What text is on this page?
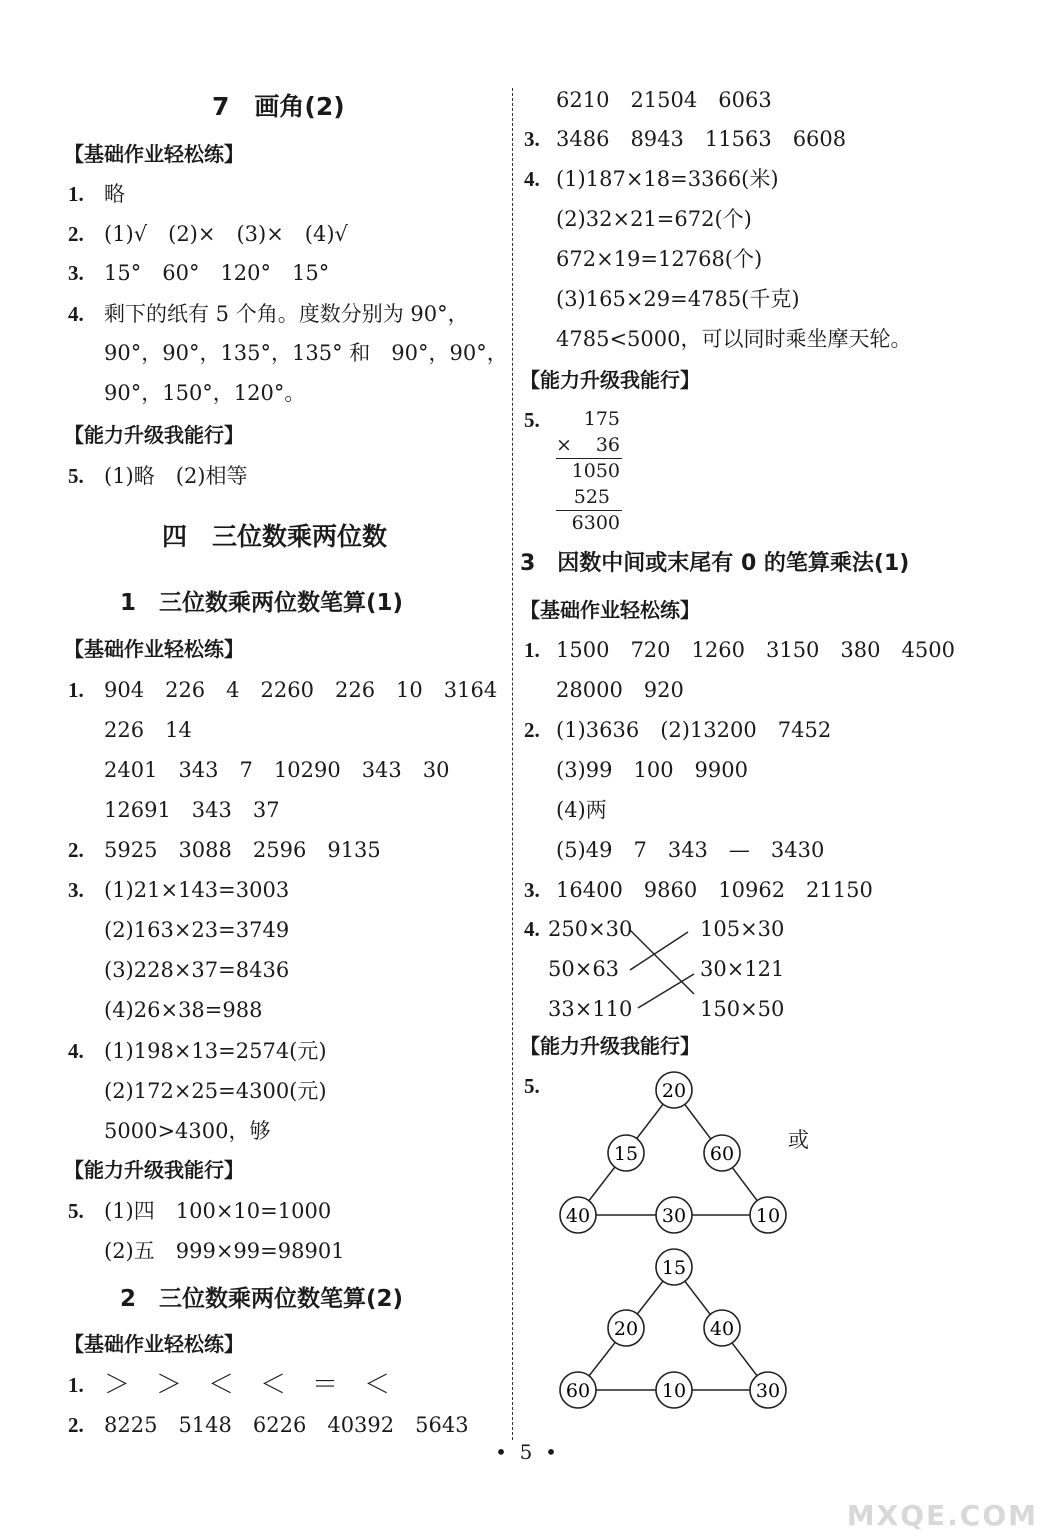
7　画角(2)
【基础作业轻松练】
1. 略
2. (1)√　(2)×　(3)×　(4)√
3. 15°　60°　120°　15°
4. 剩下的纸有 5 个角。度数分别为 90°，
90°，90°，135°，135° 和　90°，90°，
90°，150°，120°。
【能力升级我能行】
5. (1)略　(2)相等
四　三位数乘两位数
1　三位数乘两位数笔算(1)
【基础作业轻松练】
1. 904　226　4　2260　226　10　3164
226　14
2401　343　7　10290　343　30
12691　343　37
2. 5925　3088　2596　9135
3. (1)21×143=3003
(2)163×23=3749
(3)228×37=8436
(4)26×38=988
4. (1)198×13=2574(元)
(2)172×25=4300(元)
5000>4300，够
【能力升级我能行】
5. (1)四　100×10=1000
(2)五　999×99=98901
2　三位数乘两位数笔算(2)
【基础作业轻松练】
1. ＞　＞　＜　＜　＝　＜
2. 8225　5148　6226　40392　5643
6210　21504　6063
3. 3486　8943　11563　6608
4. (1)187×18=3366(米)
(2)32×21=672(个)
672×19=12768(个)
(3)165×29=4785(千克)
4785<5000，可以同时乘坐摩天轮。
【能力升级我能行】
5.	175
×	36
1050
525
6300
3　因数中间或末尾有 0 的笔算乘法(1)
【基础作业轻松练】
1. 1500　720　1260　3150　380　4500
28000　920
2. (1)3636　(2)13200　7452
(3)99　100　9900
(4)两
(5)49　7　343　—　3430
3. 16400　9860　10962　21150
4. 250×30
50×63
33×110
105×30
30×121
150×50
【能力升级我能行】
5.	20
15	60
40	30	10
15
20	40
60	10	30
或
•  5  •
MXQE.COM
